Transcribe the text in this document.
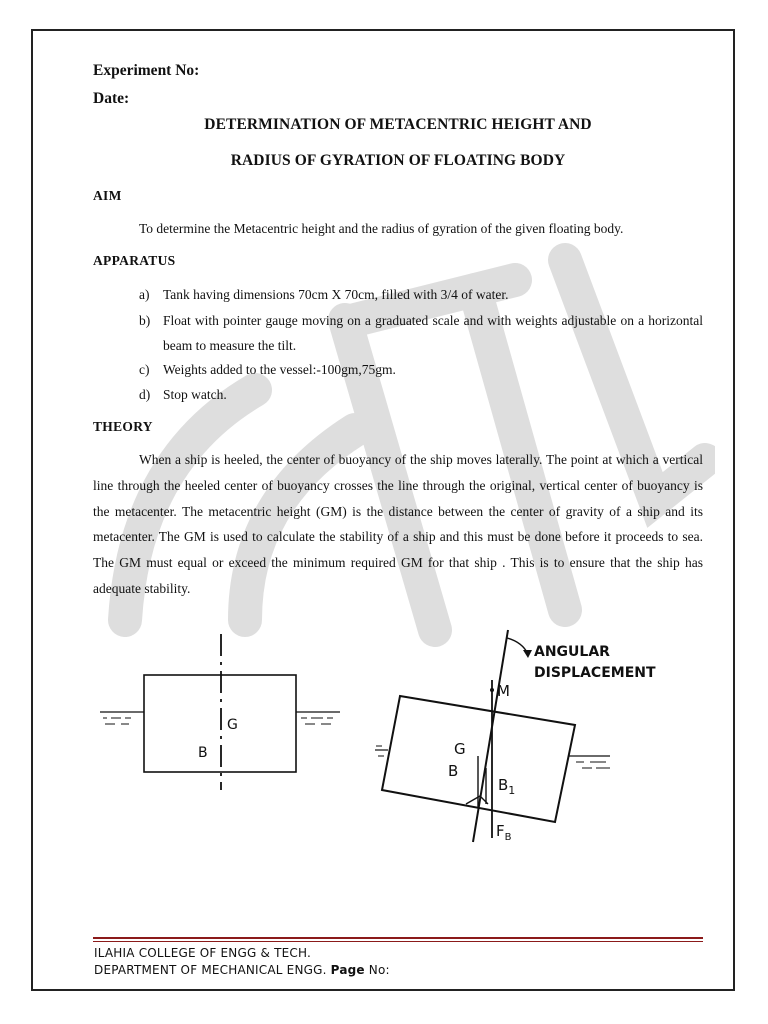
Experiment No:
Date:
DETERMINATION OF METACENTRIC HEIGHT AND
RADIUS OF GYRATION OF FLOATING BODY
AIM
To determine the Metacentric height and the radius of gyration of the given floating body.
APPARATUS
a)	Tank having dimensions 70cm X 70cm, filled with 3/4 of water.
b) Float with pointer gauge moving on a graduated scale and with weights adjustable on a horizontal beam to measure the tilt.
c)	Weights added to the vessel:-100gm,75gm.
d) Stop watch.
THEORY
When a ship is heeled, the center of buoyancy of the ship moves laterally. The point at which a vertical line through the heeled center of buoyancy crosses the line through the original, vertical center of buoyancy is the metacenter. The metacentric height (GM) is the distance between the center of gravity of a ship and its metacenter. The GM is used to calculate the stability of a ship and this must be done before it proceeds to sea. The GM must equal or exceed the minimum required GM for that ship . This is to ensure that the ship has adequate stability.
G
B
ANGULAR
DISPLACEMENT
M
G
B
$B_1$
$F_B$
ILAHIA COLLEGE OF ENGG & TECH.
DEPARTMENT OF MECHANICAL ENGG. Page No:
